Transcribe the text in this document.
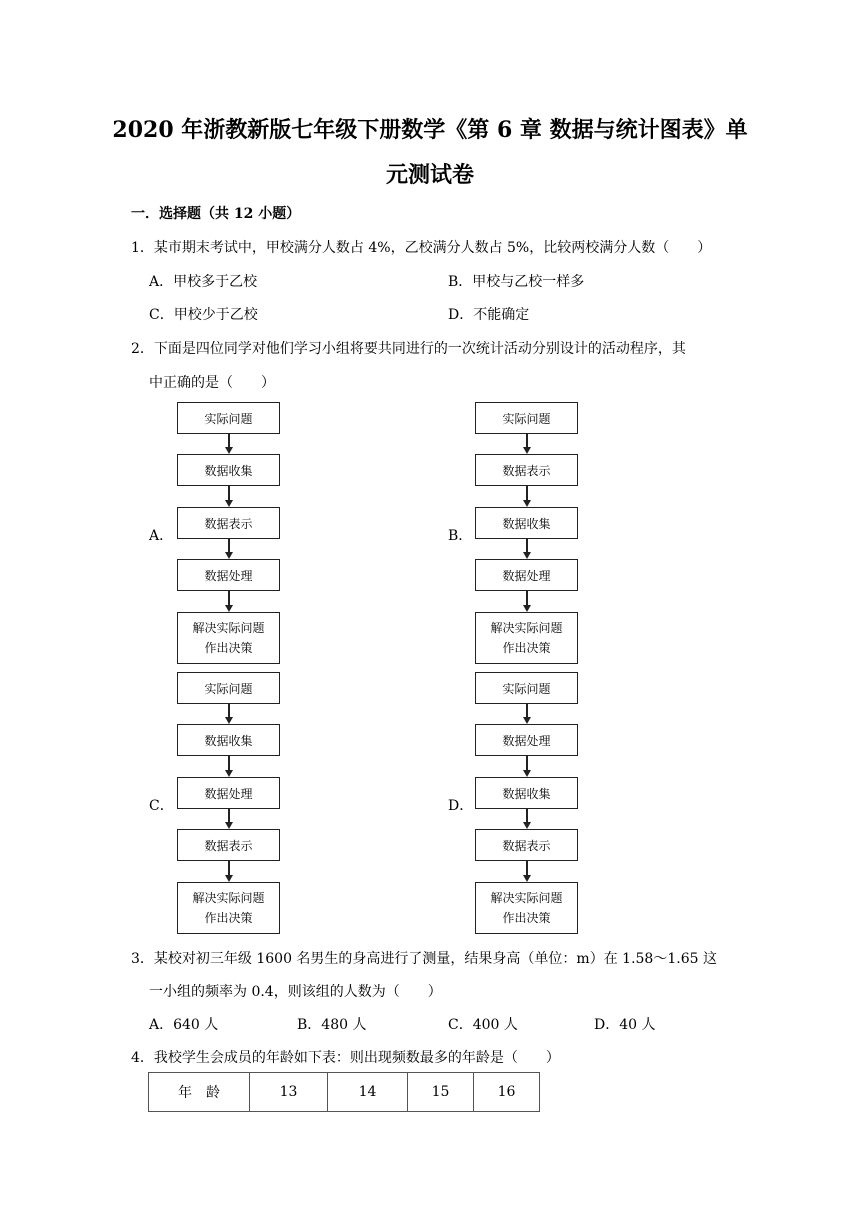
2020 年浙教新版七年级下册数学《第 6 章 数据与统计图表》单
元测试卷
一．选择题（共 12 小题）
1．某市期末考试中，甲校满分人数占 4%，乙校满分人数占 5%，比较两校满分人数（　　）
A．甲校多于乙校	B．甲校与乙校一样多
C．甲校少于乙校	D．不能确定
2．下面是四位同学对他们学习小组将要共同进行的一次统计活动分别设计的活动程序，其
中正确的是（　　）
A．
实际问题
数据收集
数据表示
数据处理
解决实际问题
作出决策
B．
实际问题
数据表示
数据收集
数据处理
解决实际问题
作出决策
C．
实际问题
数据收集
数据处理
数据表示
解决实际问题
作出决策
D．
实际问题
数据处理
数据收集
数据表示
解决实际问题
作出决策
3．某校对初三年级 1600 名男生的身高进行了测量，结果身高（单位：m）在 1.58～1.65 这
一小组的频率为 0.4，则该组的人数为（　　）
A．640 人	B．480 人	C．400 人	D．40 人
4．我校学生会成员的年龄如下表：则出现频数最多的年龄是（　　）
年　龄	13	14	15	16
